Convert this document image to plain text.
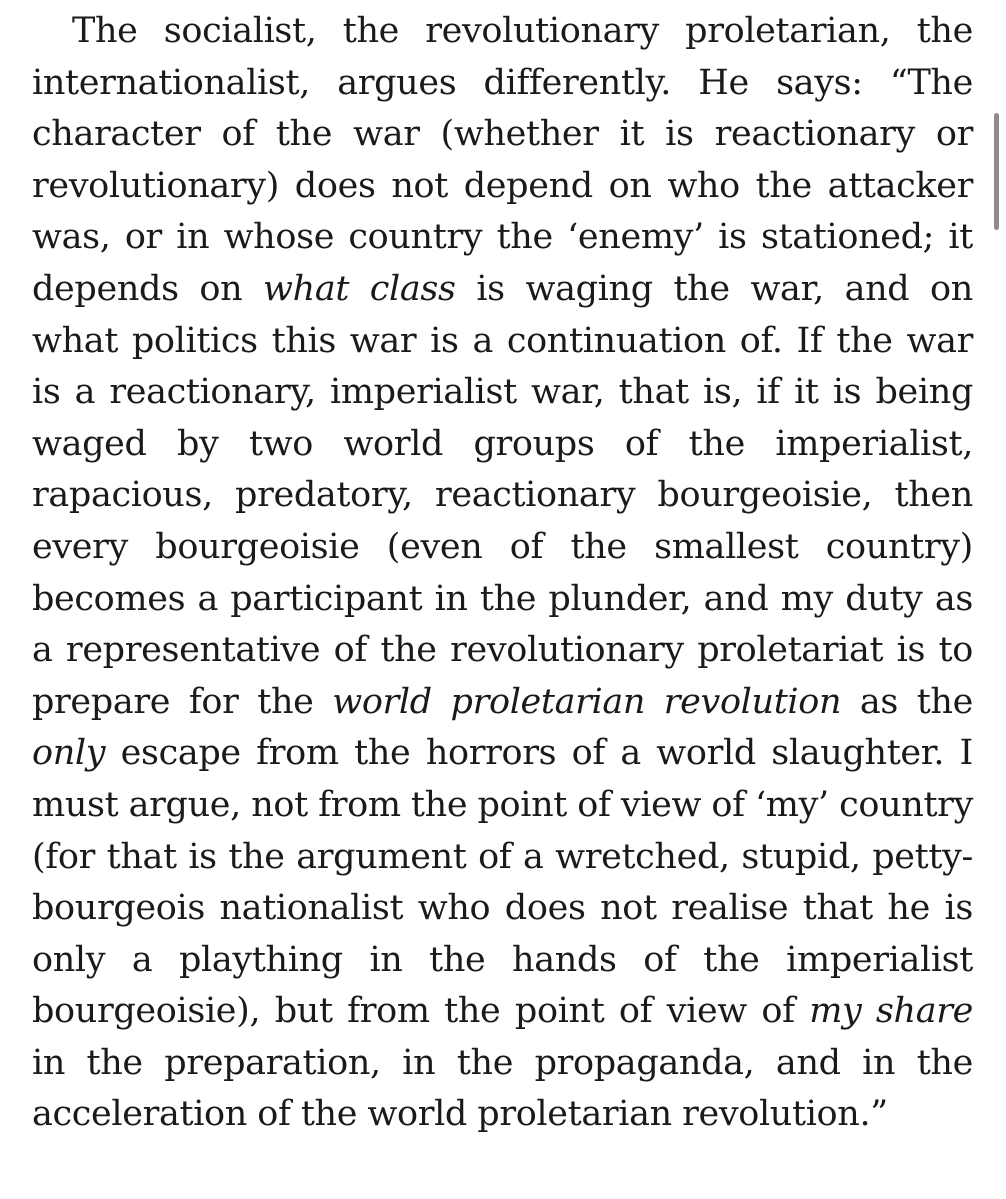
The socialist, the revolutionary proletarian, the internationalist, argues differently. He says: “The character of the war (whether it is reactionary or revolutionary) does not depend on who the attacker was, or in whose country the ‘enemy’ is stationed; it depends on what class is waging the war, and on what politics this war is a continuation of. If the war is a reactionary, imperialist war, that is, if it is being waged by two world groups of the imperialist, rapacious, predatory, reactionary bourgeoisie, then every bourgeoisie (even of the smallest country) becomes a participant in the plunder, and my duty as a representative of the revolutionary proletariat is to prepare for the world proletarian revolution as the only escape from the horrors of a world slaughter. I must argue, not from the point of view of ‘my’ country (for that is the argument of a wretched, stupid, petty-bourgeois nationalist who does not realise that he is only a plaything in the hands of the imperialist bourgeoisie), but from the point of view of my share in the preparation, in the propaganda, and in the acceleration of the world proletarian revolution.”
